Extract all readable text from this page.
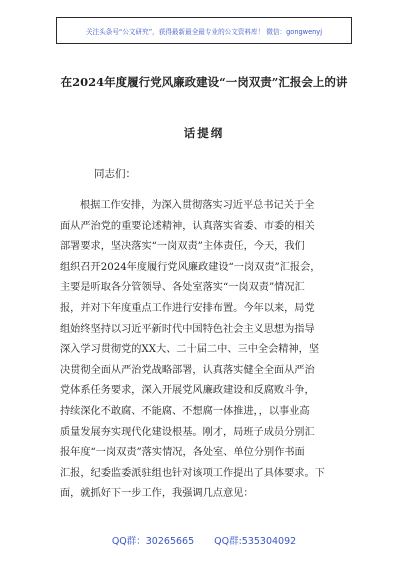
关注头条号“公文研究”，获得最新最全最专业的公文资料库！ 微信：gongwenyj
在2024年度履行党风廉政建设“一岗双责”汇报会上的讲
话提纲
同志们：
根据工作安排，为深入贯彻落实习近平总书记关于全
面从严治党的重要论述精神，认真落实省委、市委的相关
部署要求，坚决落实“一岗双责”主体责任，今天，我们
组织召开2024年度履行党风廉政建设“一岗双责”汇报会，
主要是听取各分管领导、各处室落实“一岗双责”情况汇
报，并对下年度重点工作进行安排布置。今年以来，局党
组始终坚持以习近平新时代中国特色社会主义思想为指导
深入学习贯彻党的XX大、二十届二中、三中全会精神，坚
决贯彻全面从严治党战略部署，认真落实健全全面从严治
党体系任务要求，深入开展党风廉政建设和反腐败斗争，
持续深化不敢腐、不能腐、不想腐一体推进，，以事业高
质量发展夯实现代化建设根基。刚才，局班子成员分别汇
报年度“一岗双责”落实情况，各处室、单位分别作书面
汇报，纪委监委派驻组也针对该项工作提出了具体要求。下
面，就抓好下一步工作，我强调几点意见：
QQ群：30265665 QQ群:535304092
